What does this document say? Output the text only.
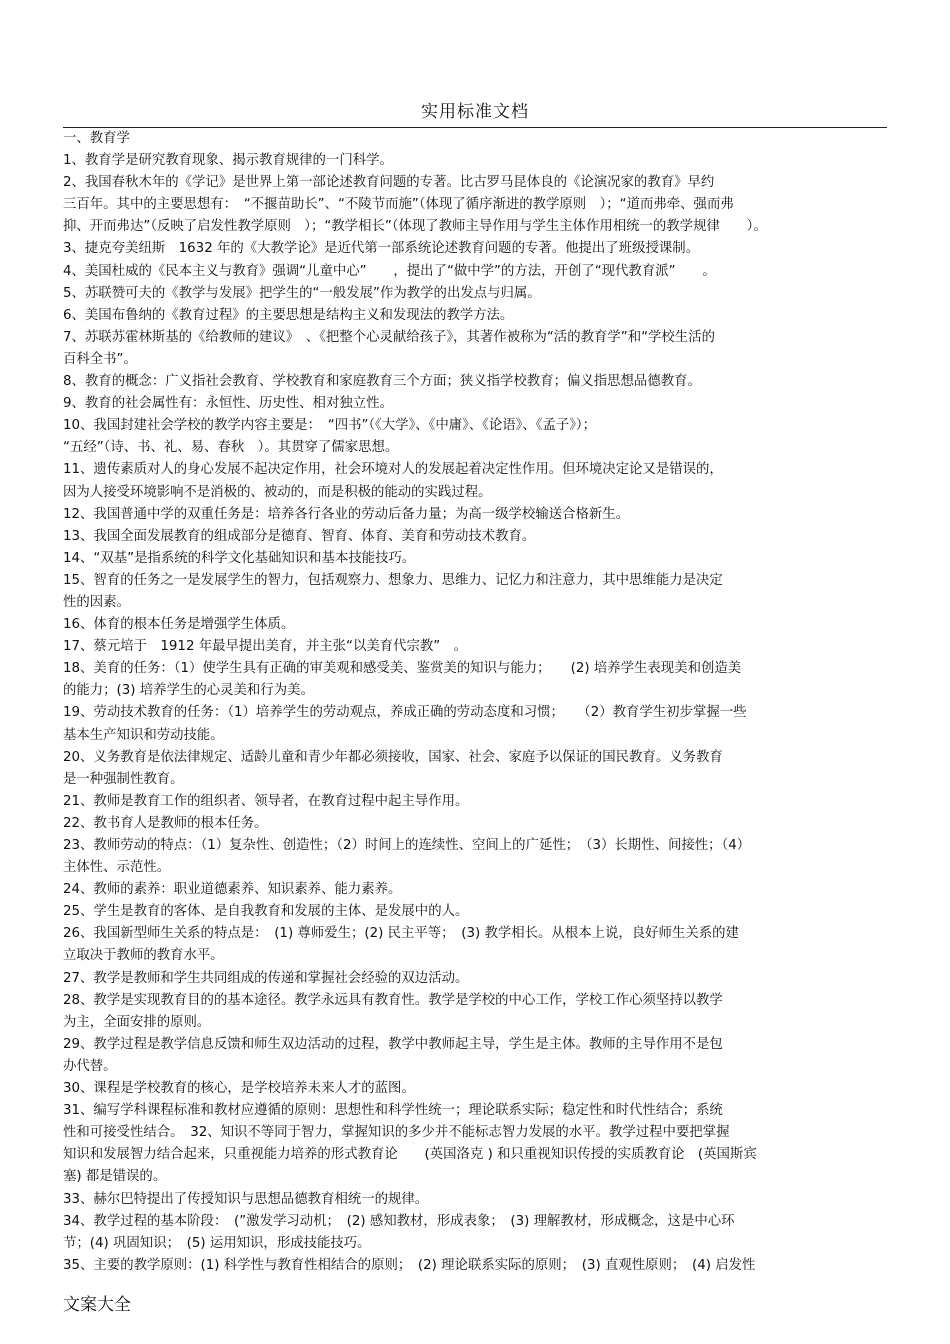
实用标准文档
一、教育学
1、教育学是研究教育现象、揭示教育规律的一门科学。
2、我国春秋木年的《学记》是世界上第一部论述教育问题的专著。比古罗马昆体良的《论演况家的教育》早约
三百年。其中的主要思想有：　“不揠苗助长”、“不陵节而施”（体现了循序渐进的教学原则　）；“道而弗牵、强而弗
抑、开而弗达”（反映了启发性教学原则　）；“教学相长”（体现了教师主导作用与学生主体作用相统一的教学规律　　）。
3、捷克夸美纽斯　1632 年的《大教学论》是近代第一部系统论述教育问题的专著。他提出了班级授课制。
4、美国杜威的《民本主义与教育》强调“儿童中心”　　，提出了“做中学”的方法，开创了“现代教育派”　　。
5、苏联赞可夫的《教学与发展》把学生的“一般发展”作为教学的出发点与归属。
6、美国布鲁纳的《教育过程》的主要思想是结构主义和发现法的教学方法。
7、苏联苏霍林斯基的《给教师的建议》　、《把整个心灵献给孩子》，其著作被称为“活的教育学”和“学校生活的
百科全书”。
8、教育的概念：广义指社会教育、学校教育和家庭教育三个方面；狭义指学校教育；偏义指思想品德教育。
9、教育的社会属性有：永恒性、历史性、相对独立性。
10、我国封建社会学校的教学内容主要是：　“四书”（《大学》、《中庸》、《论语》、《孟子》）；
“五经”（诗、书、礼、易、春秋　）。其贯穿了儒家思想。
11、遗传素质对人的身心发展不起决定作用，社会环境对人的发展起着决定性作用。但环境决定论又是错误的，
因为人接受环境影响不是消极的、被动的，而是积极的能动的实践过程。
12、我国普通中学的双重任务是：培养各行各业的劳动后备力量；为高一级学校输送合格新生。
13、我国全面发展教育的组成部分是德育、智育、体育、美育和劳动技术教育。
14、“双基”是指系统的科学文化基础知识和基本技能技巧。
15、智育的任务之一是发展学生的智力，包括观察力、想象力、思维力、记忆力和注意力，其中思维能力是决定
性的因素。
16、体育的根本任务是增强学生体质。
17、蔡元培于　1912 年最早提出美育，并主张“以美育代宗教”　。
18、美育的任务：（1）使学生具有正确的审美观和感受美、鉴赏美的知识与能力；　　(2) 培养学生表现美和创造美
的能力；(3) 培养学生的心灵美和行为美。
19、劳动技术教育的任务：（1）培养学生的劳动观点，养成正确的劳动态度和习惯；　　（2）教育学生初步掌握一些
基本生产知识和劳动技能。
20、义务教育是依法律规定、适龄儿童和青少年都必须接收，国家、社会、家庭予以保证的国民教育。义务教育
是一种强制性教育。
21、教师是教育工作的组织者、领导者，在教育过程中起主导作用。
22、教书育人是教师的根本任务。
23、教师劳动的特点：（1）复杂性、创造性；（2）时间上的连续性、空间上的广延性；　（3）长期性、间接性；（4）
主体性、示范性。
24、教师的素养：职业道德素养、知识素养、能力素养。
25、学生是教育的客体、是自我教育和发展的主体、是发展中的人。
26、我国新型师生关系的特点是：　(1) 尊师爱生；(2) 民主平等；　(3) 教学相长。从根本上说，良好师生关系的建
立取决于教师的教育水平。
27、教学是教师和学生共同组成的传递和掌握社会经验的双边活动。
28、教学是实现教育目的的基本途径。教学永远具有教育性。教学是学校的中心工作，学校工作心须坚持以教学
为主，全面安排的原则。
29、教学过程是教学信息反馈和师生双边活动的过程，教学中教师起主导，学生是主体。教师的主导作用不是包
办代替。
30、课程是学校教育的核心，是学校培养未来人才的蓝图。
31、编写学科课程标准和教材应遵循的原则：思想性和科学性统一；理论联系实际；稳定性和时代性结合；系统
性和可接受性结合。　32、知识不等同于智力，掌握知识的多少并不能标志智力发展的水平。教学过程中要把掌握
知识和发展智力结合起来，只重视能力培养的形式教育论　　(英国洛克 ) 和只重视知识传授的实质教育论　(英国斯宾
塞) 都是错误的。
33、赫尔巴特提出了传授知识与思想品德教育相统一的规律。
34、教学过程的基本阶段：　(”激发学习动机；　(2) 感知教材，形成表象；　(3) 理解教材，形成概念，这是中心环
节；(4) 巩固知识；　(5) 运用知识，形成技能技巧。
35、主要的教学原则：(1) 科学性与教育性相结合的原则；　(2) 理论联系实际的原则；　(3) 直观性原则；　(4) 启发性
文案大全
